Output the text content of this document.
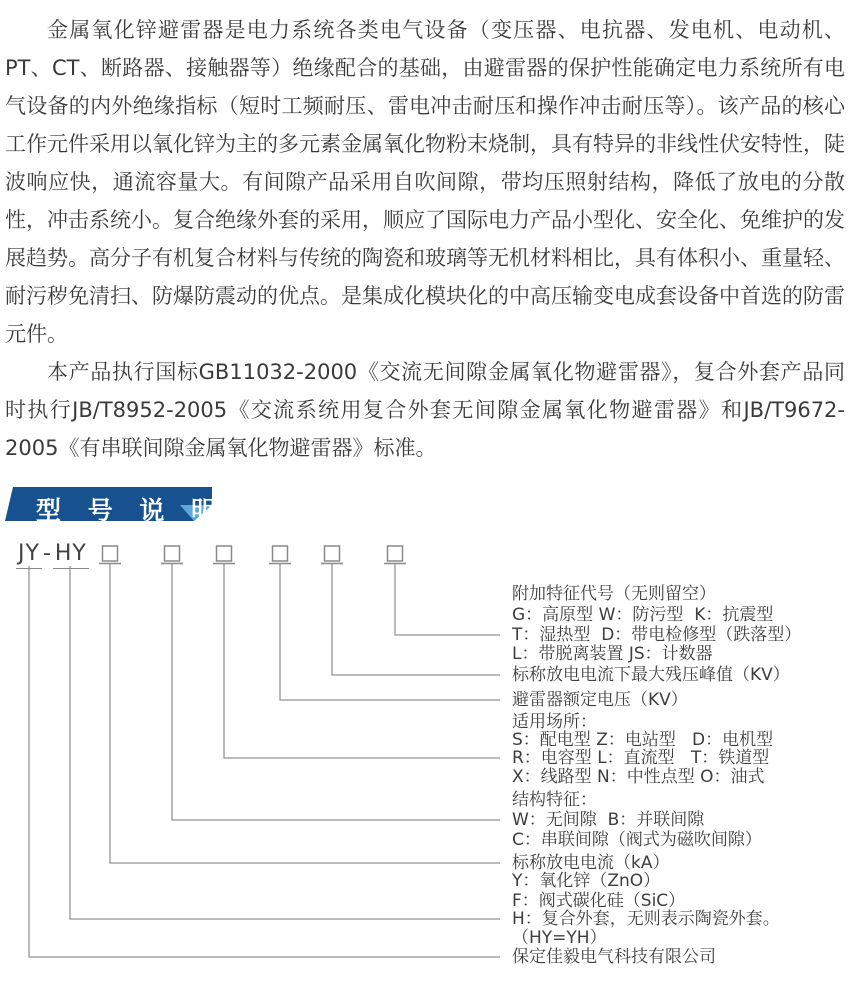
金属氧化锌避雷器是电力系统各类电气设备（变压器、电抗器、发电机、电动机、PT、CT、断路器、接触器等）绝缘配合的基础，由避雷器的保护性能确定电力系统所有电气设备的内外绝缘指标（短时工频耐压、雷电冲击耐压和操作冲击耐压等）。该产品的核心工作元件采用以氧化锌为主的多元素金属氧化物粉末烧制，具有特异的非线性伏安特性，陡波响应快，通流容量大。有间隙产品采用自吹间隙，带均压照射结构，降低了放电的分散性，冲击系统小。复合绝缘外套的采用，顺应了国际电力产品小型化、安全化、免维护的发展趋势。高分子有机复合材料与传统的陶瓷和玻璃等无机材料相比，具有体积小、重量轻、耐污秽免清扫、防爆防震动的优点。是集成化模块化的中高压输变电成套设备中首选的防雷元件。

本产品执行国标GB11032-2000《交流无间隙金属氧化物避雷器》，复合外套产品同时执行JB/T8952-2005《交流系统用复合外套无间隙金属氧化物避雷器》和JB/T9672-2005《有串联间隙金属氧化物避雷器》标准。

型 号 说 明
JY - HY
附加特征代号（无则留空）
G：高原型 W：防污型  K：抗震型
T：湿热型  D：带电检修型（跌落型）
L：带脱离装置 JS：计数器
标称放电电流下最大残压峰值（KV）
避雷器额定电压（KV）
适用场所：
S：配电型 Z：电站型   D：电机型
R：电容型 L：直流型   T：铁道型
X：线路型 N：中性点型 O：油式
结构特征：
W：无间隙  B：并联间隙
C：串联间隙（阀式为磁吹间隙）
标称放电电流（kA）
Y：氧化锌（ZnO）
F：阀式碳化硅（SiC）
H：复合外套，无则表示陶瓷外套。
（HY=YH）
保定佳毅电气科技有限公司
